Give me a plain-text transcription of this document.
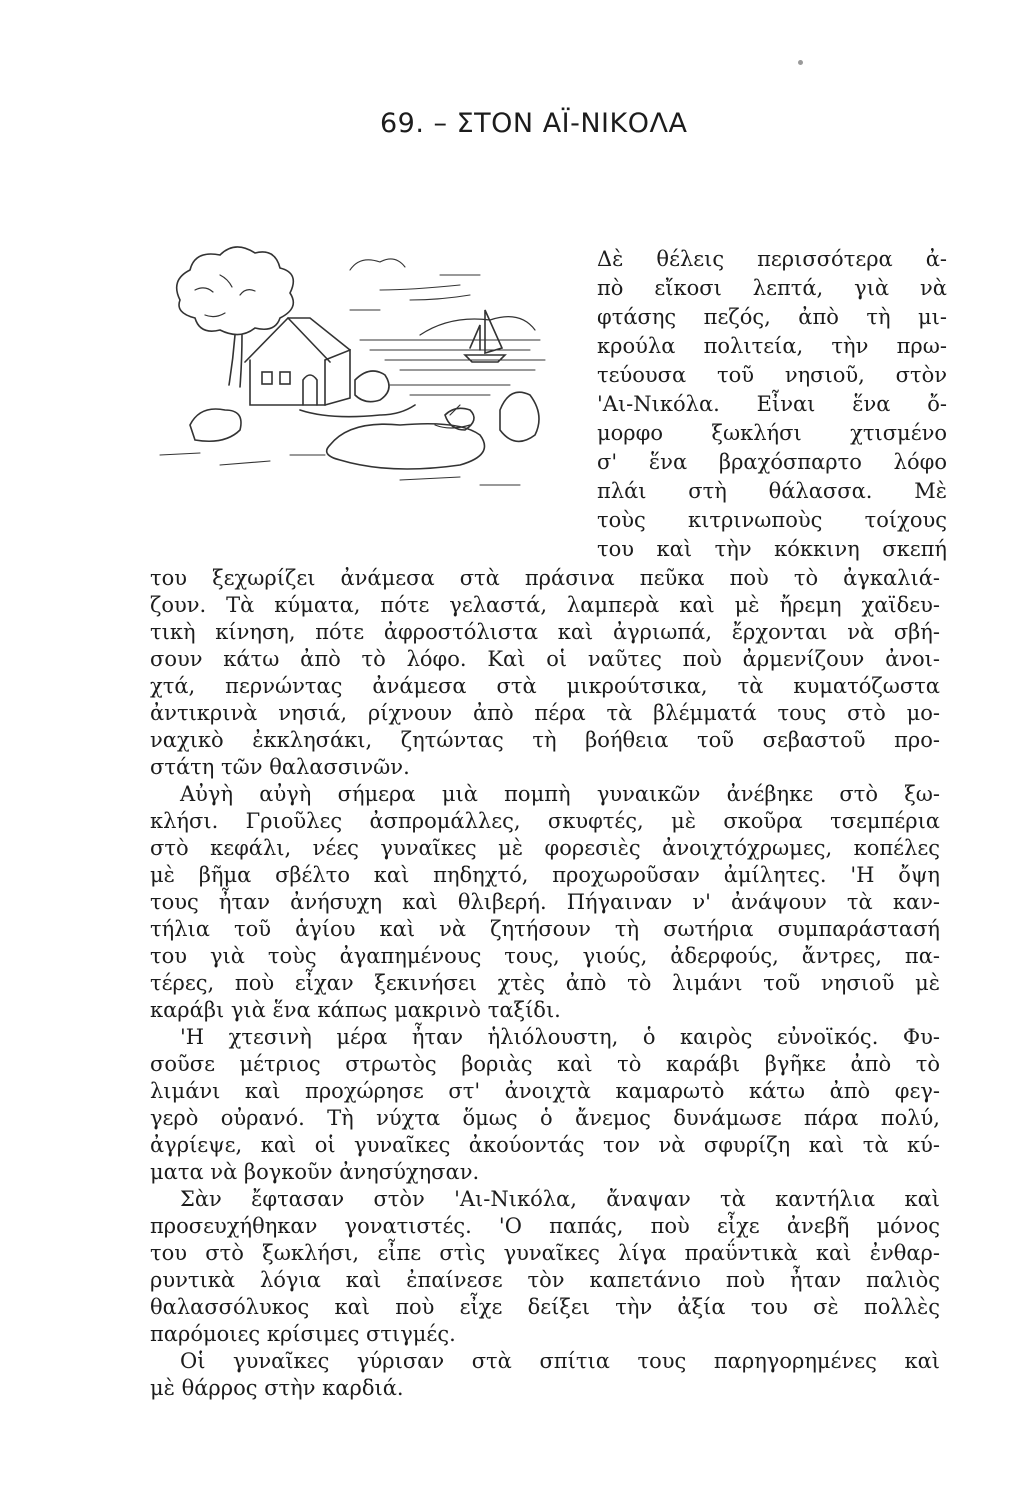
69. – ΣΤΟΝ ΑΪ-ΝΙΚΟΛΑ
Δὲ θέλεις περισσότερα ἀ-
πὸ εἴκοσι λεπτά, γιὰ νὰ
φτάσης πεζός, ἀπὸ τὴ μι-
κρούλα πολιτεία, τὴν πρω-
τεύουσα τοῦ νησιοῦ, στὸν
'Αι-Νικόλα. Εἶναι ἕνα ὄ-
μορφο ξωκλήσι χτισμένο
σ' ἕνα βραχόσπαρτο λόφο
πλάι στὴ θάλασσα. Μὲ
τοὺς κιτρινωποὺς τοίχους
του καὶ τὴν κόκκινη σκεπή
του ξεχωρίζει ἀνάμεσα στὰ πράσινα πεῦκα ποὺ τὸ ἀγκαλιά-
ζουν. Τὰ κύματα, πότε γελαστά, λαμπερὰ καὶ μὲ ἤρεμη χαϊδευ-
τικὴ κίνηση, πότε ἀφροστόλιστα καὶ ἀγριωπά, ἔρχονται νὰ σβή-
σουν κάτω ἀπὸ τὸ λόφο. Καὶ οἱ ναῦτες ποὺ ἀρμενίζουν ἀνοι-
χτά, περνώντας ἀνάμεσα στὰ μικρούτσικα, τὰ κυματόζωστα
ἀντικρινὰ νησιά, ρίχνουν ἀπὸ πέρα τὰ βλέμματά τους στὸ μο-
ναχικὸ ἐκκλησάκι, ζητώντας τὴ βοήθεια τοῦ σεβαστοῦ προ-
στάτη τῶν θαλασσινῶν.
Αὐγὴ αὐγὴ σήμερα μιὰ πομπὴ γυναικῶν ἀνέβηκε στὸ ξω-
κλήσι. Γριοῦλες ἀσπρομάλλες, σκυφτές, μὲ σκοῦρα τσεμπέρια
στὸ κεφάλι, νέες γυναῖκες μὲ φορεσιὲς ἀνοιχτόχρωμες, κοπέλες
μὲ βῆμα σβέλτο καὶ πηδηχτό, προχωροῦσαν ἀμίλητες. 'Η ὄψη
τους ἦταν ἀνήσυχη καὶ θλιβερή. Πήγαιναν ν' ἀνάψουν τὰ καν-
τήλια τοῦ ἁγίου καὶ νὰ ζητήσουν τὴ σωτήρια συμπαράστασή
του γιὰ τοὺς ἀγαπημένους τους, γιούς, ἀδερφούς, ἄντρες, πα-
τέρες, ποὺ εἶχαν ξεκινήσει χτὲς ἀπὸ τὸ λιμάνι τοῦ νησιοῦ μὲ
καράβι γιὰ ἕνα κάπως μακρινὸ ταξίδι.
'Η χτεσινὴ μέρα ἦταν ἡλιόλουστη, ὁ καιρὸς εὐνοϊκός. Φυ-
σοῦσε μέτριος στρωτὸς βοριὰς καὶ τὸ καράβι βγῆκε ἀπὸ τὸ
λιμάνι καὶ προχώρησε στ' ἀνοιχτὰ καμαρωτὸ κάτω ἀπὸ φεγ-
γερὸ οὐρανό. Τὴ νύχτα ὅμως ὁ ἄνεμος δυνάμωσε πάρα πολύ,
ἀγρίεψε, καὶ οἱ γυναῖκες ἀκούοντάς τον νὰ σφυρίζη καὶ τὰ κύ-
ματα νὰ βογκοῦν ἀνησύχησαν.
Σὰν ἔφτασαν στὸν 'Αι-Νικόλα, ἄναψαν τὰ καντήλια καὶ
προσευχήθηκαν γονατιστές. 'Ο παπάς, ποὺ εἶχε ἀνεβῆ μόνος
του στὸ ξωκλήσι, εἶπε στὶς γυναῖκες λίγα πραΰντικὰ καὶ ἐνθαρ-
ρυντικὰ λόγια καὶ ἐπαίνεσε τὸν καπετάνιο ποὺ ἦταν παλιὸς
θαλασσόλυκος καὶ ποὺ εἶχε δείξει τὴν ἀξία του σὲ πολλὲς
παρόμοιες κρίσιμες στιγμές.
Οἱ γυναῖκες γύρισαν στὰ σπίτια τους παρηγορημένες καὶ
μὲ θάρρος στὴν καρδιά.
